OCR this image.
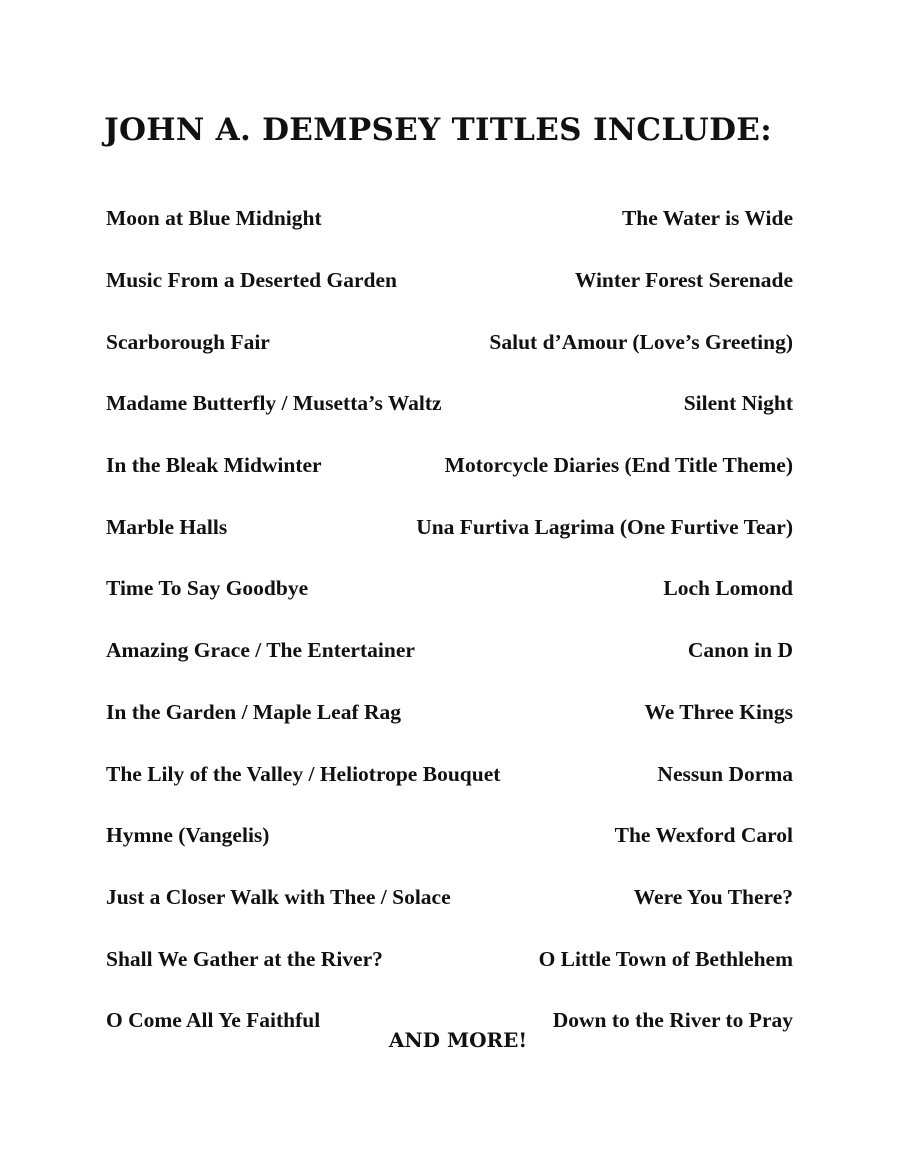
JOHN A. DEMPSEY TITLES INCLUDE:
Moon at Blue Midnight	The Water is Wide
Music From a Deserted Garden	Winter Forest Serenade
Scarborough Fair	Salut d’Amour (Love’s Greeting)
Madame Butterfly / Musetta’s Waltz	Silent Night
In the Bleak Midwinter	Motorcycle Diaries (End Title Theme)
Marble Halls	Una Furtiva Lagrima (One Furtive Tear)
Time To Say Goodbye	Loch Lomond
Amazing Grace / The Entertainer	Canon in D
In the Garden / Maple Leaf Rag	We Three Kings
The Lily of the Valley / Heliotrope Bouquet	Nessun Dorma
Hymne (Vangelis)	The Wexford Carol
Just a Closer Walk with Thee / Solace	Were You There?
Shall We Gather at the River?	O Little Town of Bethlehem
O Come All Ye Faithful	Down to the River to Pray
AND MORE!
